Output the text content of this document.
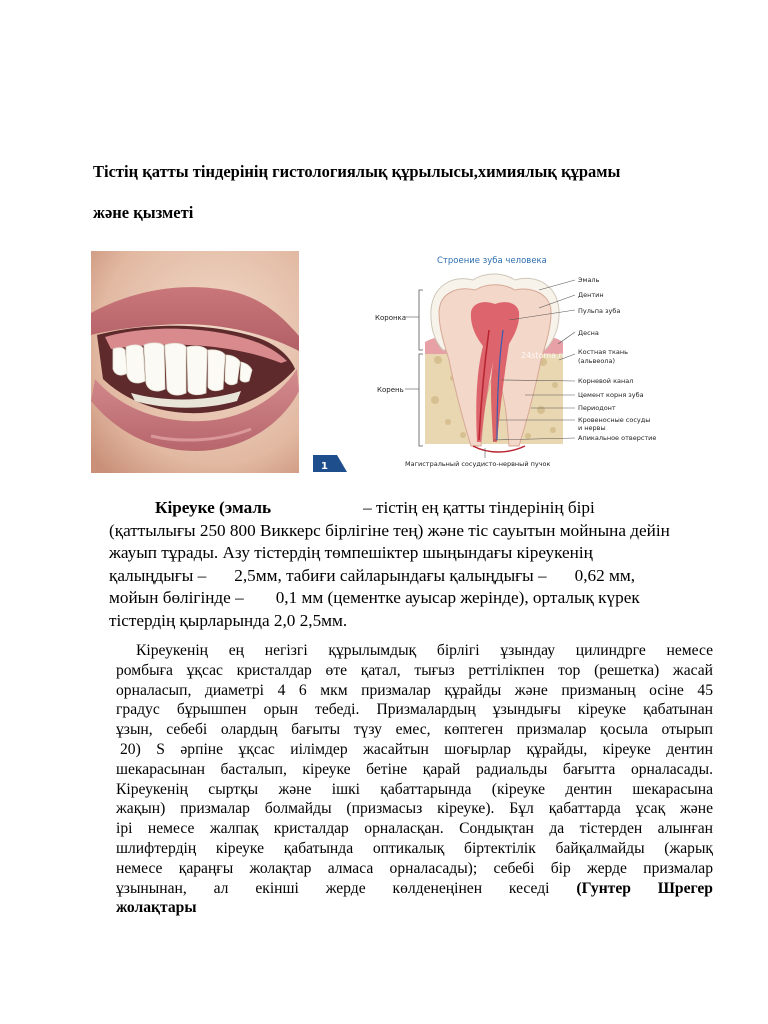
Тістің қатты тіндерінің гистологиялық құрылысы,химиялық құрамы
және қызметі
Строение зуба человека
24stoma.ru
Коронка
Корень
Эмаль
Дентин
Пульпа зуба
Десна
Костная ткань
(альвеола)
Корневой канал
Цемент корня зуба
Периодонт
Кровеносные сосуды
и нервы
Апикальное отверстие
Магистральный сосудисто-нервный пучок
1
Кіреуке (эмаль	– тістің ең қатты тіндерінің бірі
(қаттылығы 250 800 Виккерс бірлігіне тең) және тіс сауытын мойнына дейін
жауып тұрады. Азу тістердің төмпешіктер шыңындағы кіреукенің
қалыңдығы – 2,5мм, табиғи сайларындағы қалыңдығы – 0,62 мм,
мойын бөлігінде – 0,1 мм (цементке ауысар жерінде), орталық күрек
тістердің қырларында 2,0 2,5мм.
Кіреукенің ең негізгі құрылымдық бірлігі ұзындау цилиндрге немесе
ромбыға ұқсас кристалдар өте қатал, тығыз реттілікпен тор (решетка) жасай
орналасып, диаметрі 4 6 мкм призмалар құрайды және призманың осіне 45
градус бұрышпен орын тебеді. Призмалардың ұзындығы кіреуке қабатынан
ұзын, себебі олардың бағыты түзу емес, көптеген призмалар қосыла отырып
20) S әрпіне ұқсас иілімдер жасайтын шоғырлар құрайды, кіреуке дентин
шекарасынан басталып, кіреуке бетіне қарай радиальды бағытта орналасады.
Кіреукенің сыртқы және ішкі қабаттарында (кіреуке дентин шекарасына
жақын) призмалар болмайды (призмасыз кіреуке). Бұл қабаттарда ұсақ және
ірі немесе жалпақ кристалдар орналасқан. Сондықтан да тістерден алынған
шлифтердің кіреуке қабатында оптикалық біртектілік байқалмайды (жарық
немесе қараңғы жолақтар алмаса орналасады); себебі бір жерде призмалар
ұзынынан, ал екінші жерде көлденеңінен кеседі (Гунтер Шрегер
жолақтары
